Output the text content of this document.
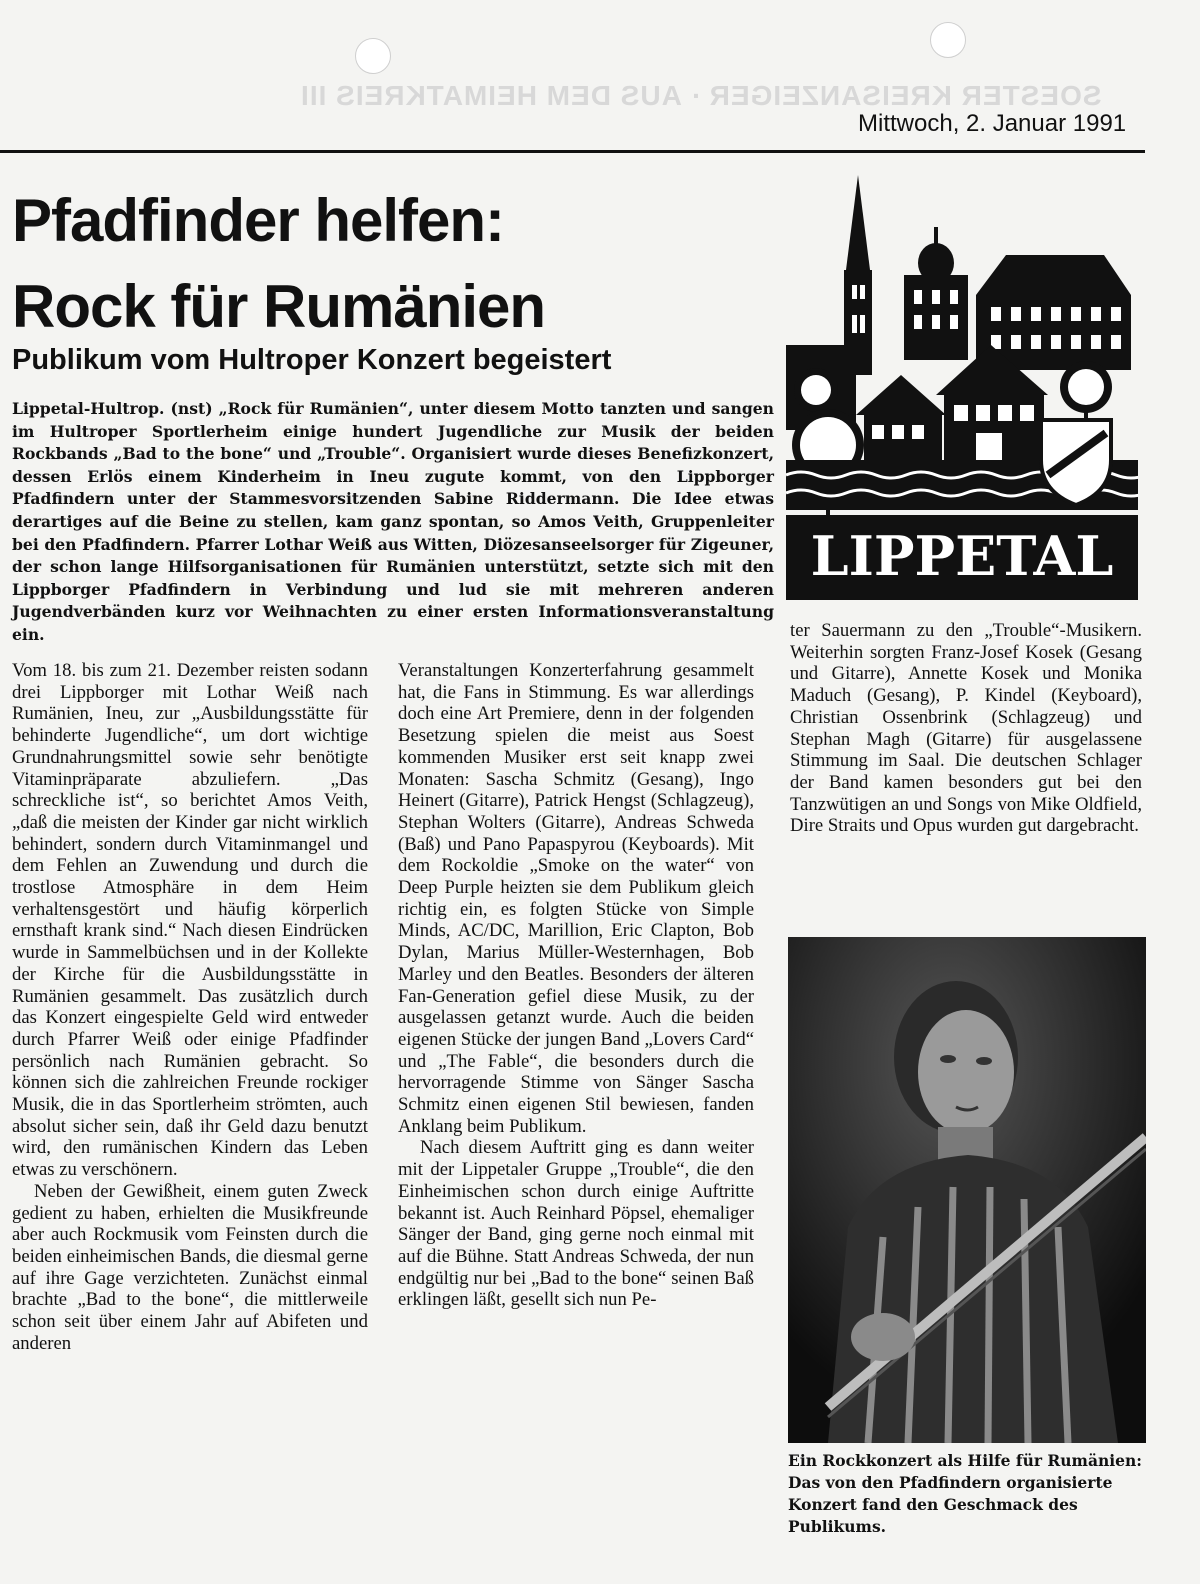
SOESTER KREISANZEIGER · AUS DEM HEIMATKREIS III
Mittwoch, 2. Januar 1991
Pfadfinder helfen:
Rock für Rumänien
Publikum vom Hultroper Konzert begeistert

Lippetal-Hultrop. (nst) „Rock für Rumänien“, unter diesem Motto tanzten und sangen im Hultroper Sportlerheim einige hundert Jugendliche zur Musik der beiden Rockbands „Bad to the bone“ und „Trouble“. Organisiert wurde dieses Benefizkonzert, dessen Erlös einem Kinderheim in Ineu zugute kommt, von den Lippborger Pfadfindern unter der Stammesvorsitzenden Sabine Riddermann. Die Idee etwas derartiges auf die Beine zu stellen, kam ganz spontan, so Amos Veith, Gruppenleiter bei den Pfadfindern. Pfarrer Lothar Weiß aus Witten, Diözesanseelsorger für Zigeuner, der schon lange Hilfsorganisationen für Rumänien unterstützt, setzte sich mit den Lippborger Pfadfindern in Verbindung und lud sie mit mehreren anderen Jugendverbänden kurz vor Weihnachten zu einer ersten Informationsveranstaltung ein.

Vom 18. bis zum 21. Dezember reisten sodann drei Lippborger mit Lothar Weiß nach Rumänien, Ineu, zur „Ausbildungsstätte für behinderte Jugendliche“, um dort wichtige Grundnahrungsmittel sowie sehr benötigte Vitaminpräparate abzuliefern. „Das schreckliche ist“, so berichtet Amos Veith, „daß die meisten der Kinder gar nicht wirklich behindert, sondern durch Vitaminmangel und dem Fehlen an Zuwendung und durch die trostlose Atmosphäre in dem Heim verhaltensgestört und häufig körperlich ernsthaft krank sind.“ Nach diesen Eindrücken wurde in Sammelbüchsen und in der Kollekte der Kirche für die Ausbildungsstätte in Rumänien gesammelt. Das zusätzlich durch das Konzert eingespielte Geld wird entweder durch Pfarrer Weiß oder einige Pfadfinder persönlich nach Rumänien gebracht. So können sich die zahlreichen Freunde rockiger Musik, die in das Sportlerheim strömten, auch absolut sicher sein, daß ihr Geld dazu benutzt wird, den rumänischen Kindern das Leben etwas zu verschönern.

Neben der Gewißheit, einem guten Zweck gedient zu haben, erhielten die Musikfreunde aber auch Rockmusik vom Feinsten durch die beiden einheimischen Bands, die diesmal gerne auf ihre Gage verzichteten. Zunächst einmal brachte „Bad to the bone“, die mittlerweile schon seit über einem Jahr auf Abifeten und anderen

Veranstaltungen Konzerterfahrung gesammelt hat, die Fans in Stimmung. Es war allerdings doch eine Art Premiere, denn in der folgenden Besetzung spielen die meist aus Soest kommenden Musiker erst seit knapp zwei Monaten: Sascha Schmitz (Gesang), Ingo Heinert (Gitarre), Patrick Hengst (Schlagzeug), Stephan Wolters (Gitarre), Andreas Schweda (Baß) und Pano Papaspyrou (Keyboards). Mit dem Rockoldie „Smoke on the water“ von Deep Purple heizten sie dem Publikum gleich richtig ein, es folgten Stücke von Simple Minds, AC/DC, Marillion, Eric Clapton, Bob Dylan, Marius Müller-Westernhagen, Bob Marley und den Beatles. Besonders der älteren Fan-Generation gefiel diese Musik, zu der ausgelassen getanzt wurde. Auch die beiden eigenen Stücke der jungen Band „Lovers Card“ und „The Fable“, die besonders durch die hervorragende Stimme von Sänger Sascha Schmitz einen eigenen Stil bewiesen, fanden Anklang beim Publikum.

Nach diesem Auftritt ging es dann weiter mit der Lippetaler Gruppe „Trouble“, die den Einheimischen schon durch einige Auftritte bekannt ist. Auch Reinhard Pöpsel, ehemaliger Sänger der Band, ging gerne noch einmal mit auf die Bühne. Statt Andreas Schweda, der nun endgültig nur bei „Bad to the bone“ seinen Baß erklingen läßt, gesellt sich nun Pe-

ter Sauermann zu den „Trouble“-Musikern. Weiterhin sorgten Franz-Josef Kosek (Gesang und Gitarre), Annette Kosek und Monika Maduch (Gesang), P. Kindel (Keyboard), Christian Ossenbrink (Schlagzeug) und Stephan Magh (Gitarre) für ausgelassene Stimmung im Saal. Die deutschen Schlager der Band kamen besonders gut bei den Tanzwütigen an und Songs von Mike Oldfield, Dire Straits und Opus wurden gut dargebracht.

LIPPETAL

Ein Rockkonzert als Hilfe für Rumänien: Das von den Pfadfindern organisierte Konzert fand den Geschmack des Publikums.
